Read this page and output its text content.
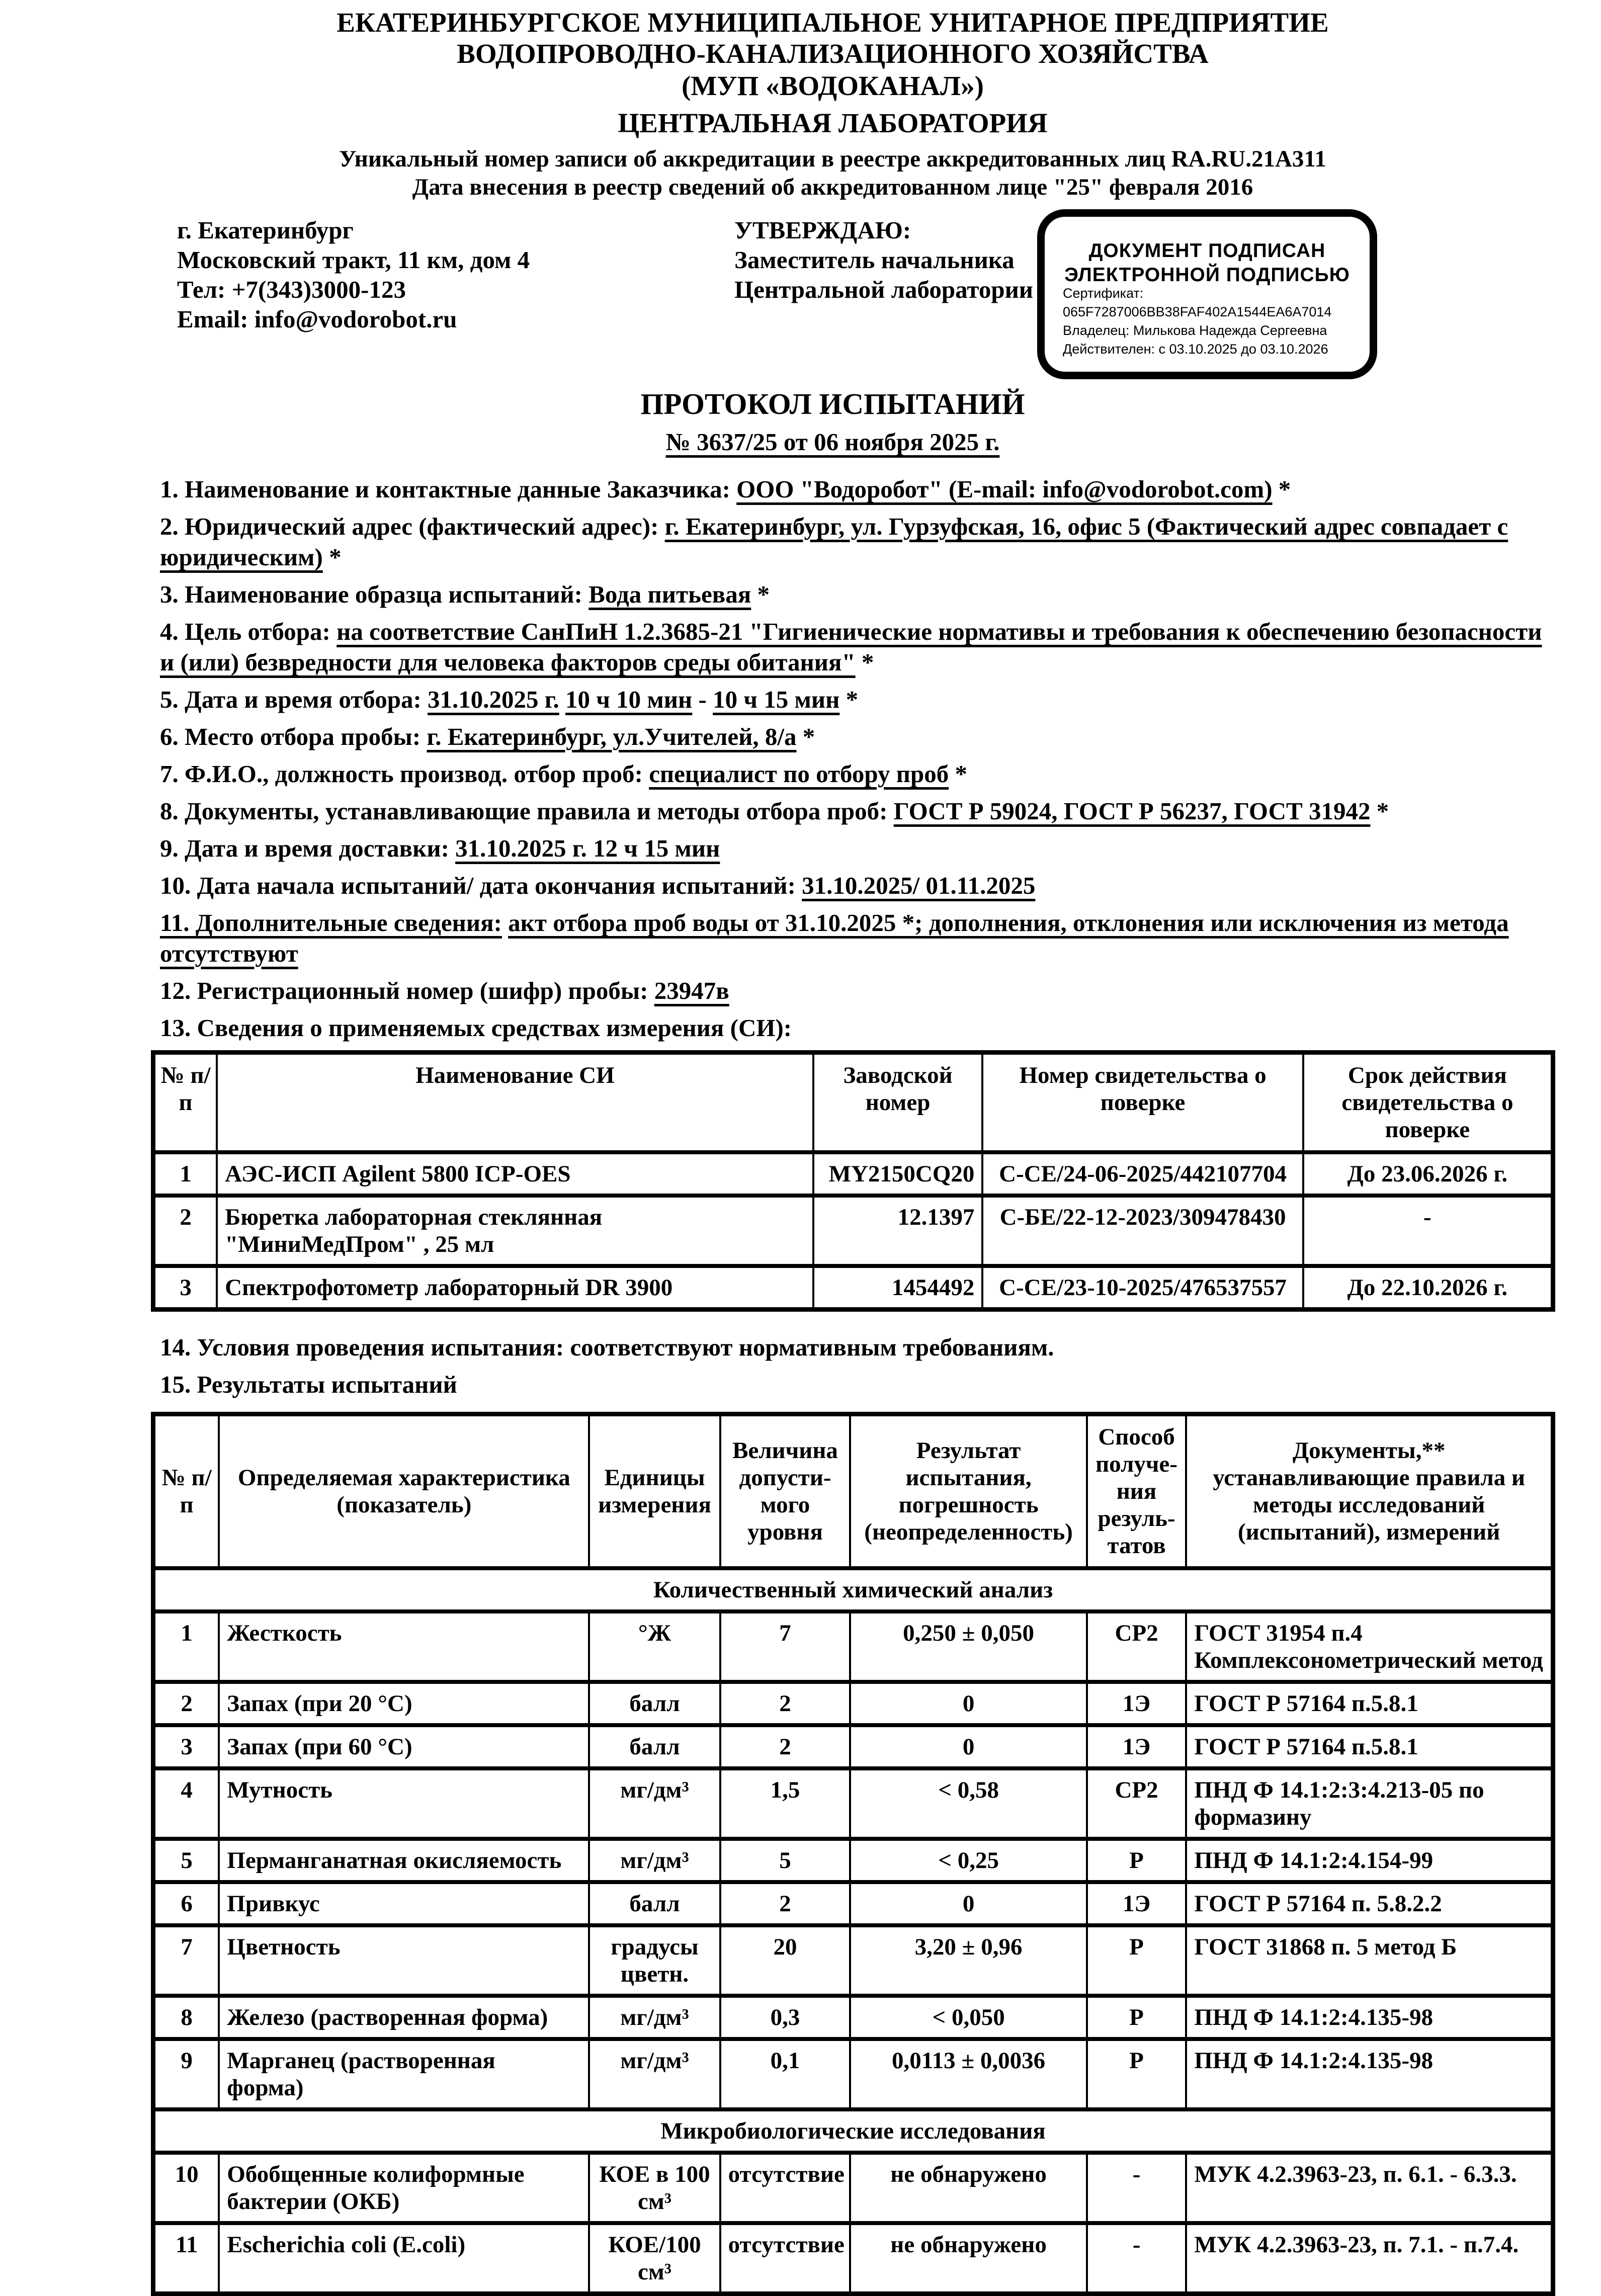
ЕКАТЕРИНБУРГСКОЕ МУНИЦИПАЛЬНОЕ УНИТАРНОЕ ПРЕДПРИЯТИЕ
ВОДОПРОВОДНО-КАНАЛИЗАЦИОННОГО ХОЗЯЙСТВА
(МУП «ВОДОКАНАЛ»)
ЦЕНТРАЛЬНАЯ ЛАБОРАТОРИЯ
Уникальный номер записи об аккредитации в реестре аккредитованных лиц RA.RU.21A311
Дата внесения в реестр сведений об аккредитованном лице "25" февраля 2016
г. Екатеринбург
Московский тракт, 11 км, дом 4
Тел: +7(343)3000-123
Email: info@vodorobot.ru
УТВЕРЖДАЮ:
Заместитель начальника
Центральной лаборатории
ДОКУМЕНТ ПОДПИСАН
ЭЛЕКТРОННОЙ ПОДПИСЬЮ
Сертификат: 065F7287006BB38FAF402A1544EA6A7014
Владелец: Милькова Надежда Сергеевна
Действителен: с 03.10.2025 до 03.10.2026
ПРОТОКОЛ ИСПЫТАНИЙ
№ 3637/25 от 06 ноября 2025 г.
1. Наименование и контактные данные Заказчика: ООО "Водоробот" (E-mail: info@vodorobot.com) *
2. Юридический адрес (фактический адрес): г. Екатеринбург, ул. Гурзуфская, 16, офис 5 (Фактический адрес совпадает с юридическим) *
3. Наименование образца испытаний: Вода питьевая *
4. Цель отбора: на соответствие СанПиН 1.2.3685-21 "Гигиенические нормативы и требования к обеспечению безопасности и (или) безвредности для человека факторов среды обитания" *
5. Дата и время отбора: 31.10.2025 г. 10 ч 10 мин - 10 ч 15 мин *
6. Место отбора пробы: г. Екатеринбург, ул.Учителей, 8/а *
7. Ф.И.О., должность производ. отбор проб: специалист по отбору проб *
8. Документы, устанавливающие правила и методы отбора проб: ГОСТ Р 59024, ГОСТ Р 56237, ГОСТ 31942 *
9. Дата и время доставки: 31.10.2025 г. 12 ч 15 мин
10. Дата начала испытаний/ дата окончания испытаний: 31.10.2025/ 01.11.2025
11. Дополнительные сведения: акт отбора проб воды от 31.10.2025 *; дополнения, отклонения или исключения из метода отсутствуют
12. Регистрационный номер (шифр) пробы: 23947в
13. Сведения о применяемых средствах измерения (СИ):
№ п/п	Наименование СИ	Заводской номер	Номер свидетельства о поверке	Срок действия свидетельства о поверке
1	АЭС-ИСП Agilent 5800 ICP-OES	MY2150CQ20	С-СЕ/24-06-2025/442107704	До 23.06.2026 г.
2	Бюретка лабораторная стеклянная "МиниМедПром" , 25 мл	12.1397	С-БЕ/22-12-2023/309478430	-
3	Спектрофотометр лабораторный DR 3900	1454492	С-СЕ/23-10-2025/476537557	До 22.10.2026 г.
14. Условия проведения испытания: соответствуют нормативным требованиям.
15. Результаты испытаний
№ п/п	Определяемая характеристика (показатель)	Единицы измерения	Величина допусти- мого уровня	Результат испытания, погрешность (неопределенность)	Способ получе- ния резуль- татов	Документы,** устанавливающие правила и методы исследований (испытаний), измерений
Количественный химический анализ						
1	Жесткость	°Ж	7	0,250 ± 0,050	СР2	ГОСТ 31954 п.4 Комплексонометрический метод
2	Запах (при 20 °С)	балл	2	0	1Э	ГОСТ Р 57164 п.5.8.1
3	Запах (при 60 °С)	балл	2	0	1Э	ГОСТ Р 57164 п.5.8.1
4	Мутность	мг/дм³	1,5	< 0,58	СР2	ПНД Ф 14.1:2:3:4.213-05 по формазину
5	Перманганатная окисляемость	мг/дм³	5	< 0,25	Р	ПНД Ф 14.1:2:4.154-99
6	Привкус	балл	2	0	1Э	ГОСТ Р 57164 п. 5.8.2.2
7	Цветность	градусы цветн.	20	3,20 ± 0,96	Р	ГОСТ 31868 п. 5 метод Б
8	Железо (растворенная форма)	мг/дм³	0,3	< 0,050	Р	ПНД Ф 14.1:2:4.135-98
9	Марганец (растворенная форма)	мг/дм³	0,1	0,0113 ± 0,0036	Р	ПНД Ф 14.1:2:4.135-98
Микробиологические исследования						
10	Обобщенные колиформные бактерии (ОКБ)	КОЕ в 100 см³	отсутствие	не обнаружено	-	МУК 4.2.3963-23, п. 6.1. - 6.3.3.
11	Escherichia coli (E.coli)	КОЕ/100 см³	отсутствие	не обнаружено	-	МУК 4.2.3963-23, п. 7.1. - п.7.4.
